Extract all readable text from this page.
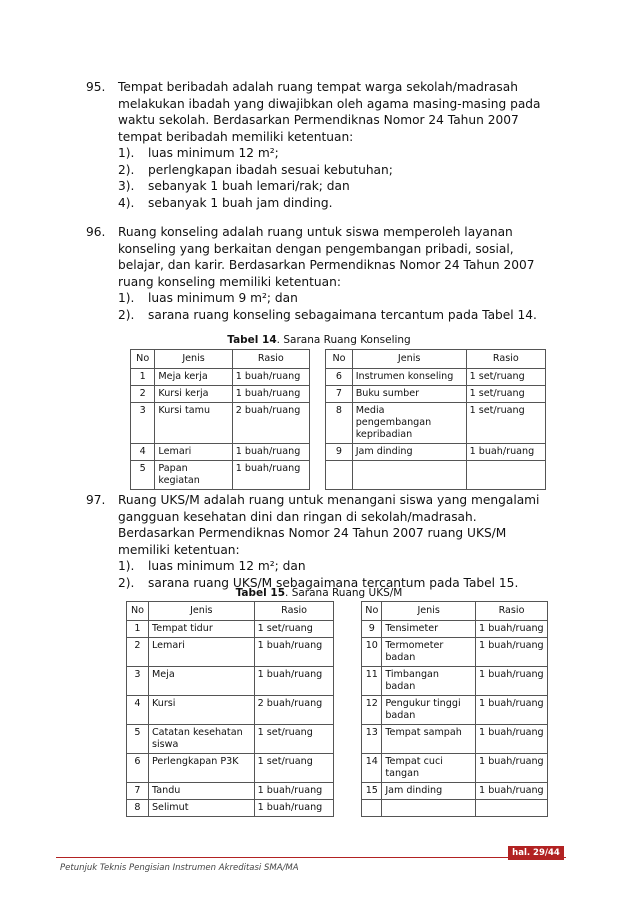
95. Tempat beribadah adalah ruang tempat warga sekolah/madrasah melakukan ibadah yang diwajibkan oleh agama masing-masing pada waktu sekolah. Berdasarkan Permendiknas Nomor 24 Tahun 2007 tempat beribadah memiliki ketentuan:
1).	luas minimum 12 m²;
2).	perlengkapan ibadah sesuai kebutuhan;
3).	sebanyak 1 buah lemari/rak; dan
4).	sebanyak 1 buah jam dinding.
96. Ruang konseling adalah ruang untuk siswa memperoleh layanan konseling yang berkaitan dengan pengembangan pribadi, sosial, belajar, dan karir. Berdasarkan Permendiknas Nomor 24 Tahun 2007 ruang konseling memiliki ketentuan:
1).	luas minimum 9 m²; dan
2).	sarana ruang konseling sebagaimana tercantum pada Tabel 14.
Tabel 14. Sarana Ruang Konseling
No	Jenis	Rasio		No	Jenis	Rasio
1	Meja kerja	1 buah/ruang		6	Instrumen konseling	1 set/ruang
2	Kursi kerja	1 buah/ruang		7	Buku sumber	1 set/ruang
3	Kursi tamu	2 buah/ruang		8	Media pengembangan kepribadian	1 set/ruang
4	Lemari	1 buah/ruang		9	Jam dinding	1 buah/ruang
5	Papan kegiatan	1 buah/ruang				
97. Ruang UKS/M adalah ruang untuk menangani siswa yang mengalami gangguan kesehatan dini dan ringan di sekolah/madrasah. Berdasarkan Permendiknas Nomor 24 Tahun 2007 ruang UKS/M memiliki ketentuan:
1).	luas minimum 12 m²; dan
2).	sarana ruang UKS/M sebagaimana tercantum pada Tabel 15.
Tabel 15. Sarana Ruang UKS/M
No	Jenis	Rasio		No	Jenis	Rasio
1	Tempat tidur	1 set/ruang		9	Tensimeter	1 buah/ruang
2	Lemari	1 buah/ruang		10	Termometer badan	1 buah/ruang
3	Meja	1 buah/ruang		11	Timbangan badan	1 buah/ruang
4	Kursi	2 buah/ruang		12	Pengukur tinggi badan	1 buah/ruang
5	Catatan kesehatan siswa	1 set/ruang		13	Tempat sampah	1 buah/ruang
6	Perlengkapan P3K	1 set/ruang		14	Tempat cuci tangan	1 buah/ruang
7	Tandu	1 buah/ruang		15	Jam dinding	1 buah/ruang
8	Selimut	1 buah/ruang				
hal. 29/44
Petunjuk Teknis Pengisian Instrumen Akreditasi SMA/MA
